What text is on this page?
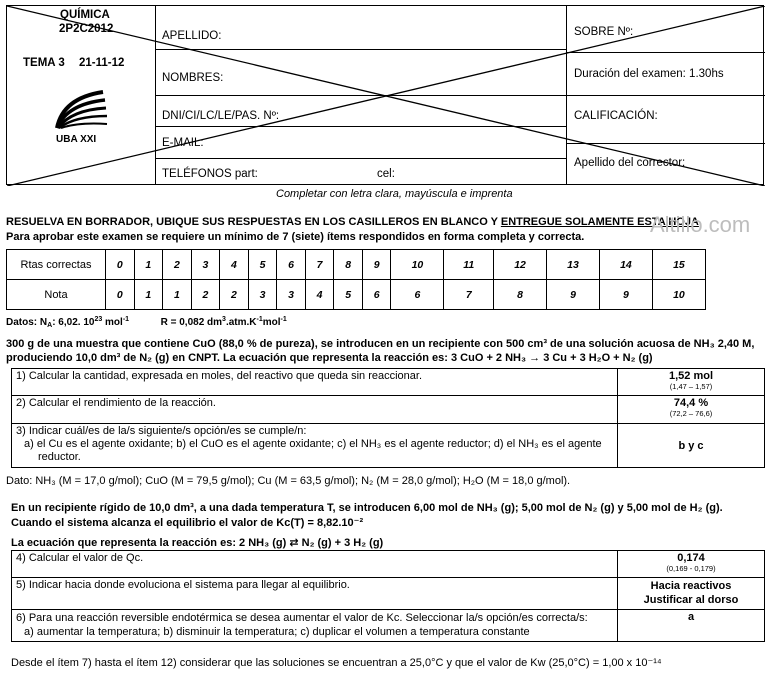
QUÍMICA
2P2C2012
TEMA 3 21-11-12
UBA XXI
APELLIDO:
NOMBRES:
DNI/CI/LC/LE/PAS. Nº:
E-MAIL:
TELÉFONOS part:	cel:
SOBRE Nº:
Duración del examen: 1.30hs
CALIFICACIÓN:
Apellido del corrector:
Completar con letra clara, mayúscula e imprenta
RESUELVA EN BORRADOR, UBIQUE SUS RESPUESTAS EN LOS CASILLEROS EN BLANCO Y ENTREGUE SOLAMENTE ESTA HOJA
Altillo.com
Para aprobar este examen se requiere un mínimo de 7 (siete) ítems respondidos en forma completa y correcta.
Rtas correctas	0	1	2	3	4	5	6	7	8	9	10	11	12	13	14	15
Nota	0	1	1	2	2	3	3	4	5	6	6	7	8	9	9	10
Datos: $N_A$: 6,02. $10^{23}$ mol$^{-1}$	R = 0,082 $dm^3.atm.K^{-1}mol^{-1}$
300 g de una muestra que contiene CuO (88,0 % de pureza), se introducen en un recipiente con 500 cm³ de una solución acuosa de NH₃ 2,40 M,
produciendo 10,0 dm³ de N₂ (g) en CNPT. La ecuación que representa la reacción es: 3 CuO + 2 NH₃ → 3 Cu + 3 H₂O + N₂ (g)
1) Calcular la cantidad, expresada en moles, del reactivo que queda sin reaccionar.	1,52 mol
(1,47 – 1,57)

2) Calcular el rendimiento de la reacción.	74,4 %
(72,2 – 76,6)

3) Indicar cuál/es de la/s siguiente/s opción/es se cumple/n:
a) el Cu es el agente oxidante; b) el CuO es el agente oxidante; c) el NH₃ es el agente reductor; d) el NH₃ es el agente
reductor.	b y c
Dato: NH₃ (M = 17,0 g/mol); CuO (M = 79,5 g/mol); Cu (M = 63,5 g/mol); N₂ (M = 28,0 g/mol); H₂O (M = 18,0 g/mol).
En un recipiente rígido de 10,0 dm³, a una dada temperatura T, se introducen 6,00 mol de NH₃ (g); 5,00 mol de N₂ (g) y 5,00 mol de H₂ (g).
Cuando el sistema alcanza el equilibrio el valor de Kc(T) = 8,82.10⁻²
La ecuación que representa la reacción es: 2 NH₃ (g) ⇄ N₂ (g) + 3 H₂ (g)
4) Calcular el valor de Qc.	0,174
(0,169 - 0,179)

5) Indicar hacia donde evoluciona el sistema para llegar al equilibrio.	Hacia reactivos
Justificar al dorso

6) Para una reacción reversible endotérmica se desea aumentar el valor de Kc. Seleccionar la/s opción/es correcta/s:
a) aumentar la temperatura; b) disminuir la temperatura; c) duplicar el volumen a temperatura constante	a
Desde el ítem 7) hasta el ítem 12) considerar que las soluciones se encuentran a 25,0°C y que el valor de Kw (25,0°C) = 1,00 x 10⁻¹⁴
